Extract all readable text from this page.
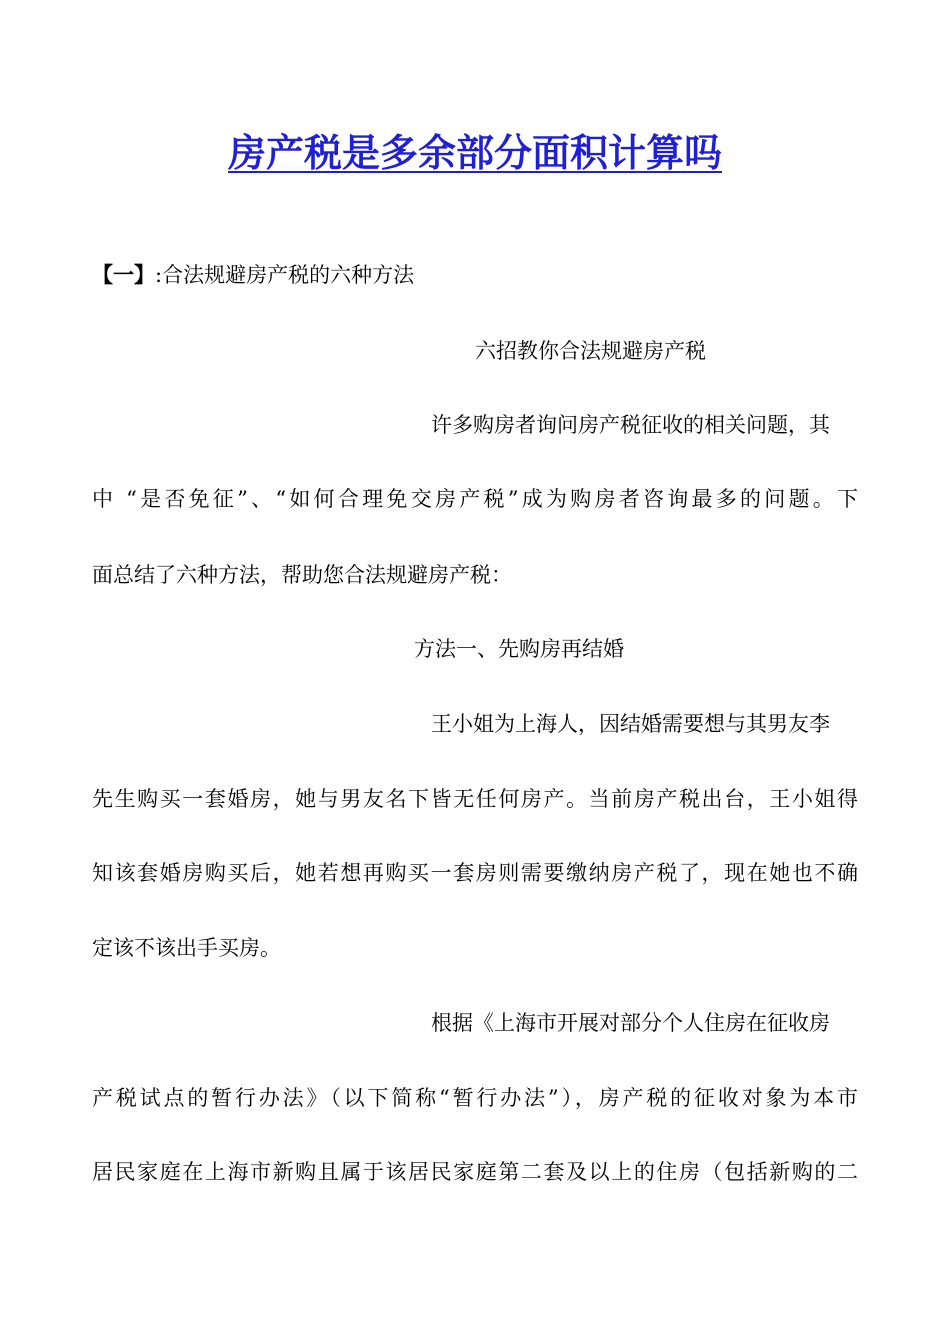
房产税是多余部分面积计算吗
【一】:合法规避房产税的六种方法
六招教你合法规避房产税
许多购房者询问房产税征收的相关问题，其
中 “是否免征”、“如何合理免交房产税”成为购房者咨询最多的问题。下
面总结了六种方法，帮助您合法规避房产税：
方法一、先购房再结婚
王小姐为上海人，因结婚需要想与其男友李
先生购买一套婚房，她与男友名下皆无任何房产。当前房产税出台，王小姐得
知该套婚房购买后，她若想再购买一套房则需要缴纳房产税了，现在她也不确
定该不该出手买房。
根据《上海市开展对部分个人住房在征收房
产税试点的暂行办法》（以下简称“暂行办法”），房产税的征收对象为本市
居民家庭在上海市新购且属于该居民家庭第二套及以上的住房（包括新购的二
